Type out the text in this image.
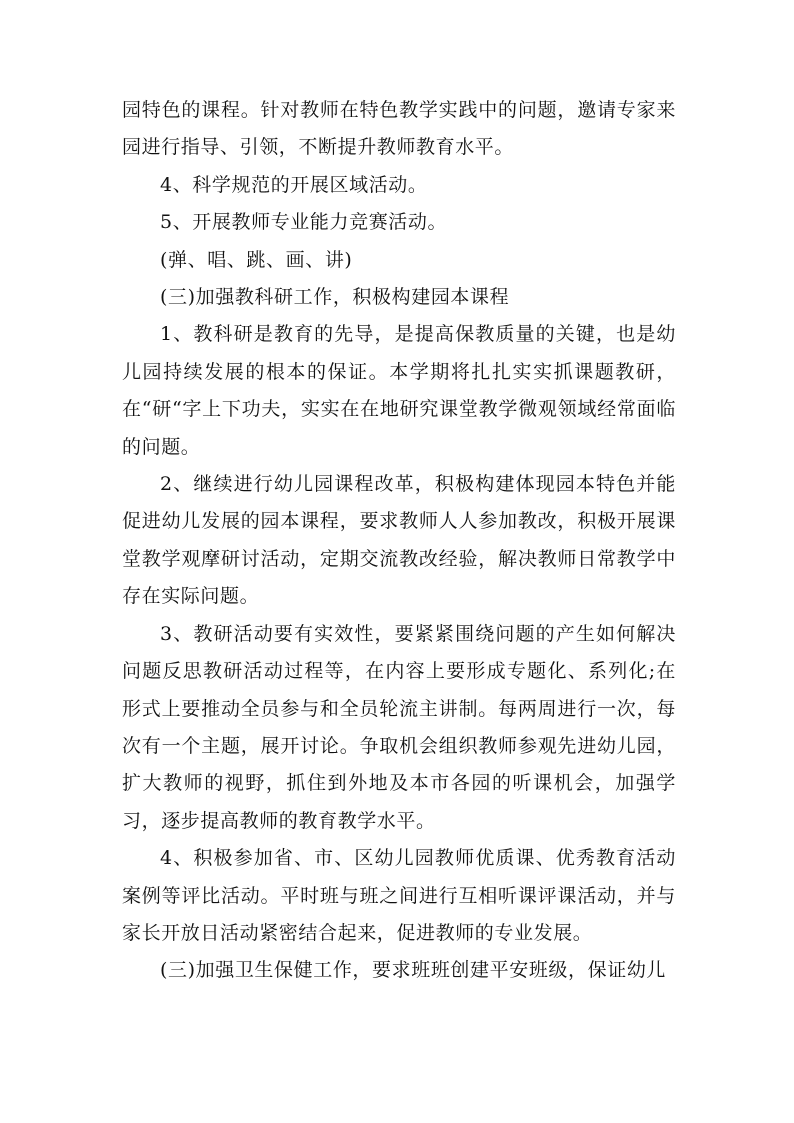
园特色的课程。针对教师在特色教学实践中的问题，邀请专家来园进行指导、引领，不断提升教师教育水平。

4、科学规范的开展区域活动。

5、开展教师专业能力竞赛活动。

(弹、唱、跳、画、讲)

(三)加强教科研工作，积极构建园本课程

1、教科研是教育的先导，是提高保教质量的关键，也是幼儿园持续发展的根本的保证。本学期将扎扎实实抓课题教研，在“研“字上下功夫，实实在在地研究课堂教学微观领域经常面临的问题。

2、继续进行幼儿园课程改革，积极构建体现园本特色并能促进幼儿发展的园本课程，要求教师人人参加教改，积极开展课堂教学观摩研讨活动，定期交流教改经验，解决教师日常教学中存在实际问题。

3、教研活动要有实效性，要紧紧围绕问题的产生如何解决问题反思教研活动过程等，在内容上要形成专题化、系列化;在形式上要推动全员参与和全员轮流主讲制。每两周进行一次，每次有一个主题，展开讨论。争取机会组织教师参观先进幼儿园，扩大教师的视野，抓住到外地及本市各园的听课机会，加强学习，逐步提高教师的教育教学水平。

4、积极参加省、市、区幼儿园教师优质课、优秀教育活动案例等评比活动。平时班与班之间进行互相听课评课活动，并与家长开放日活动紧密结合起来，促进教师的专业发展。

(三)加强卫生保健工作，要求班班创建平安班级，保证幼儿
